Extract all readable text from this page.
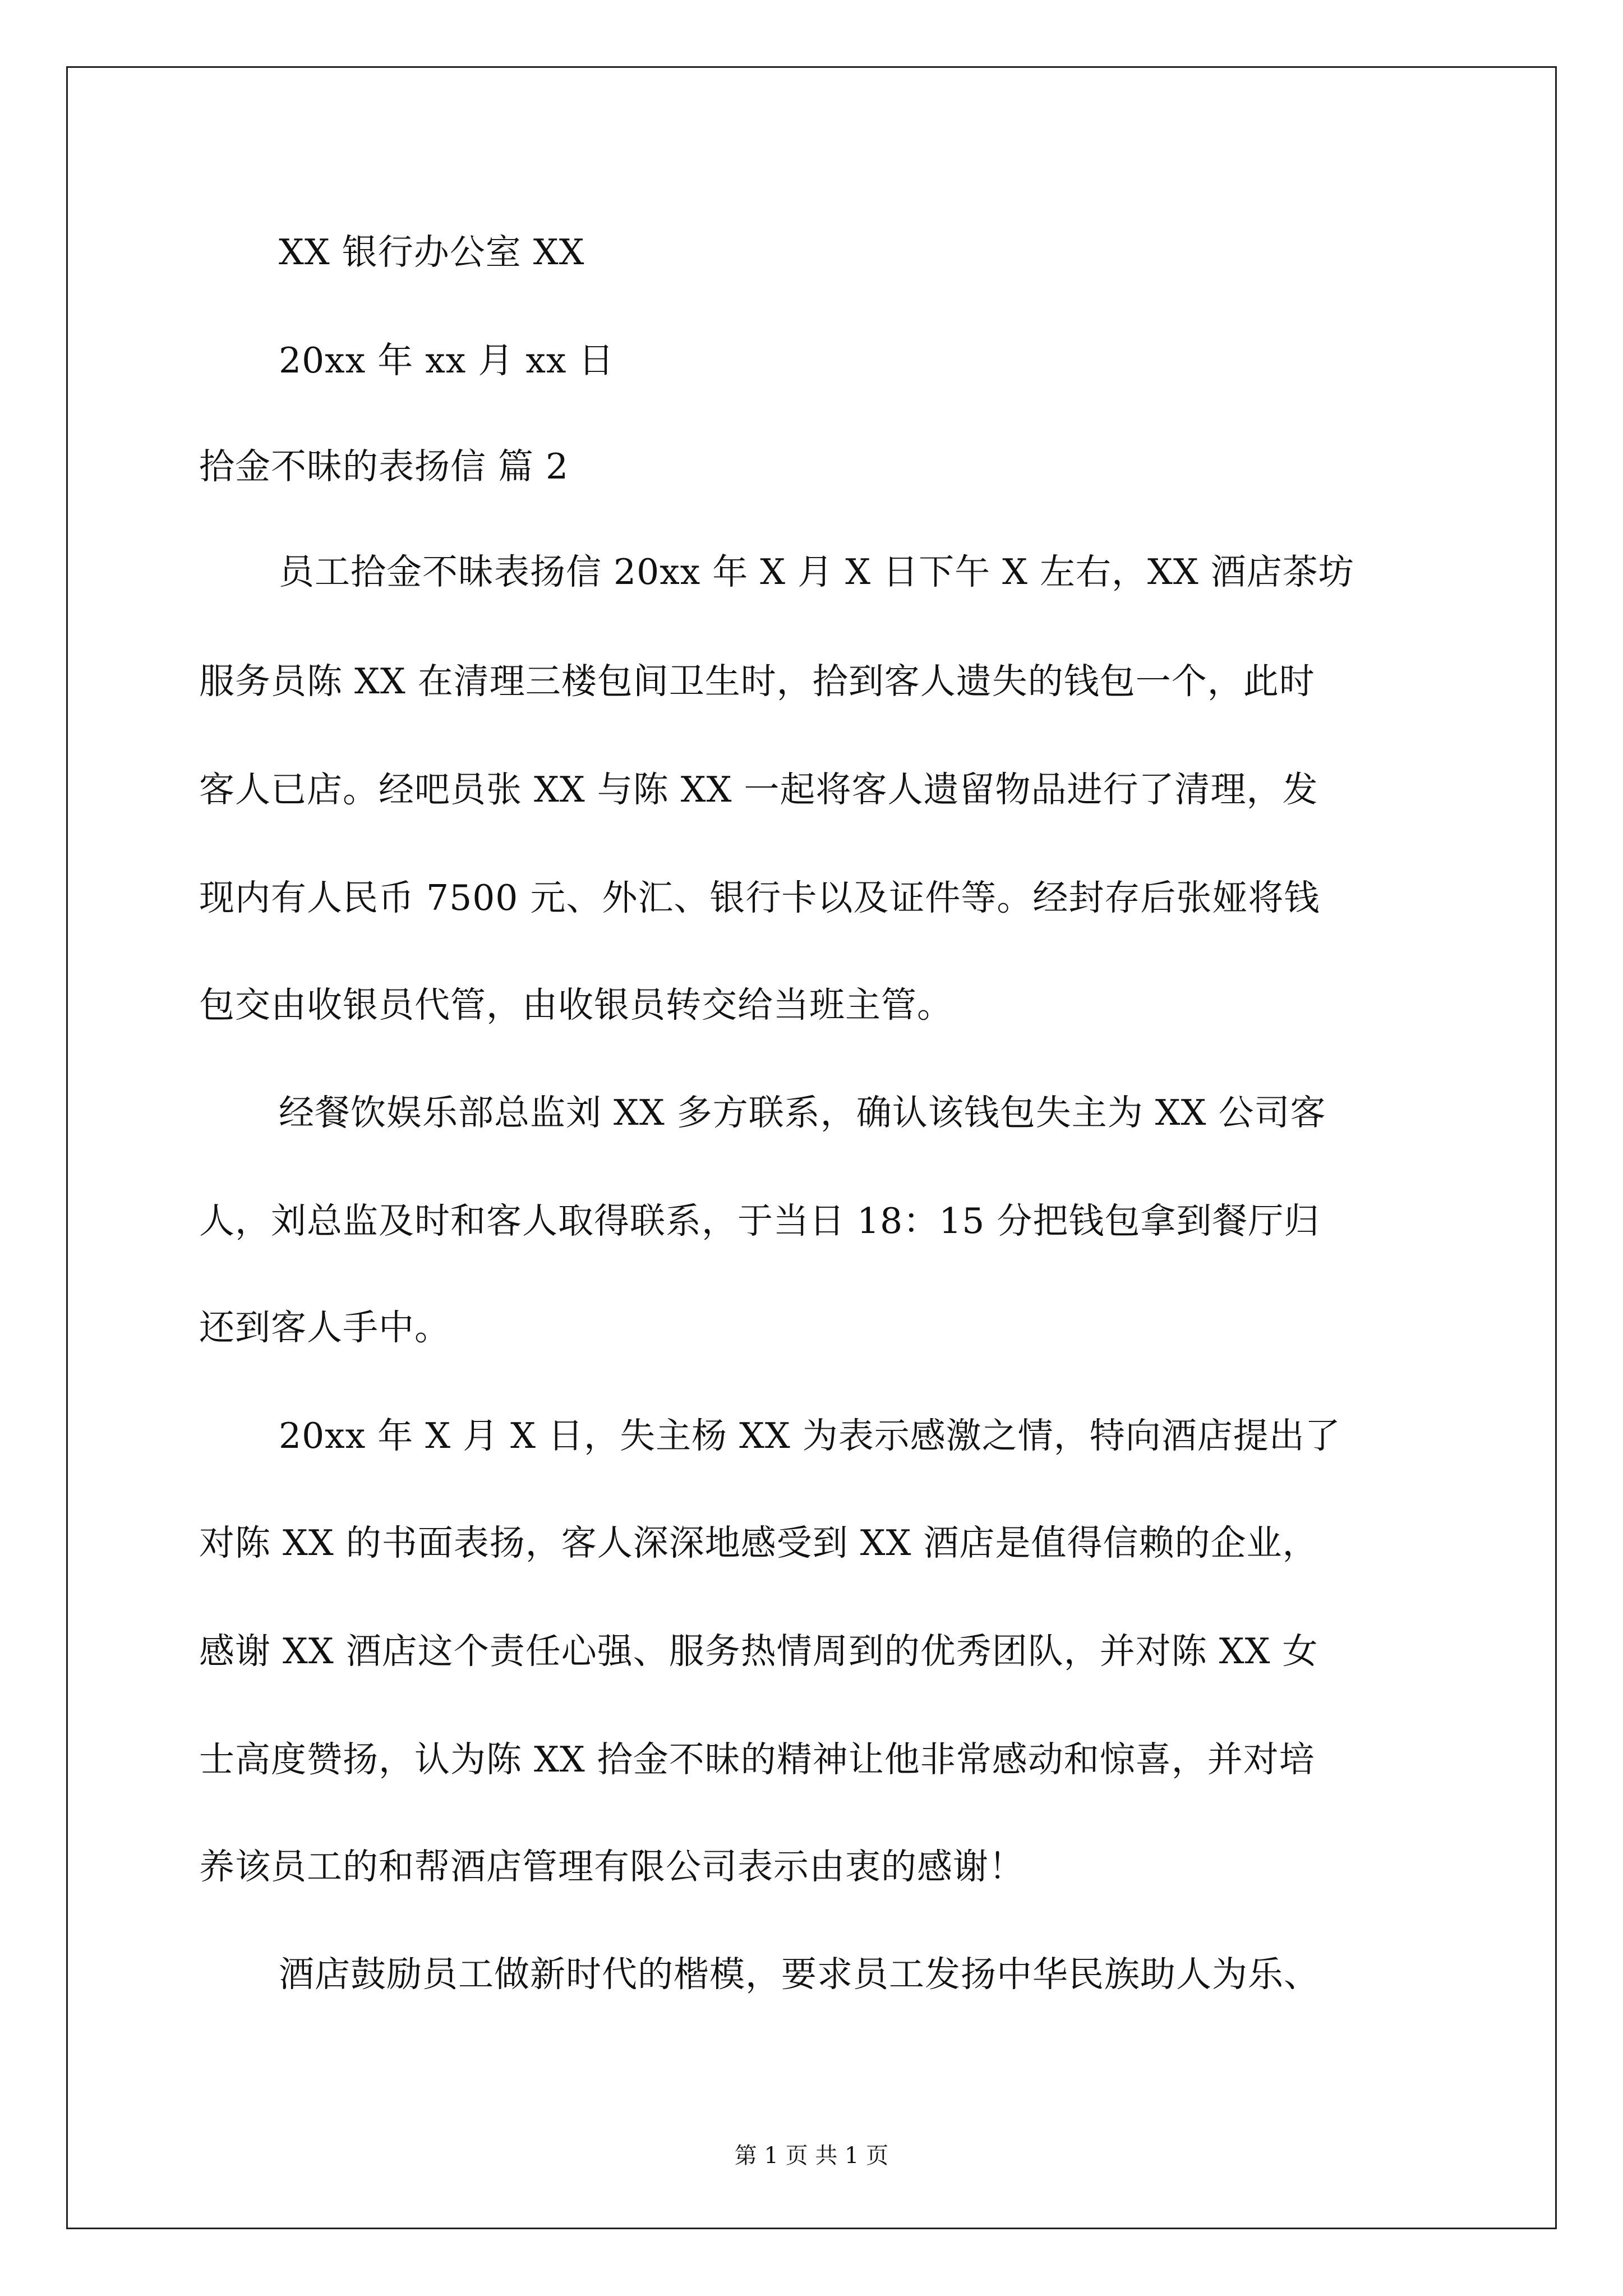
XX 银行办公室 XX
20xx 年 xx 月 xx 日
拾金不昧的表扬信 篇 2
员工拾金不昧表扬信 20xx 年 X 月 X 日下午 X 左右，XX 酒店茶坊
服务员陈 XX 在清理三楼包间卫生时，拾到客人遗失的钱包一个，此时
客人已店。经吧员张 XX 与陈 XX 一起将客人遗留物品进行了清理，发
现内有人民币 7500 元、外汇、银行卡以及证件等。经封存后张娅将钱
包交由收银员代管，由收银员转交给当班主管。
经餐饮娱乐部总监刘 XX 多方联系，确认该钱包失主为 XX 公司客
人，刘总监及时和客人取得联系，于当日 18：15 分把钱包拿到餐厅归
还到客人手中。
20xx 年 X 月 X 日，失主杨 XX 为表示感激之情，特向酒店提出了
对陈 XX 的书面表扬，客人深深地感受到 XX 酒店是值得信赖的企业，
感谢 XX 酒店这个责任心强、服务热情周到的优秀团队，并对陈 XX 女
士高度赞扬，认为陈 XX 拾金不昧的精神让他非常感动和惊喜，并对培
养该员工的和帮酒店管理有限公司表示由衷的感谢！
酒店鼓励员工做新时代的楷模，要求员工发扬中华民族助人为乐、
第 1 页 共 1 页
